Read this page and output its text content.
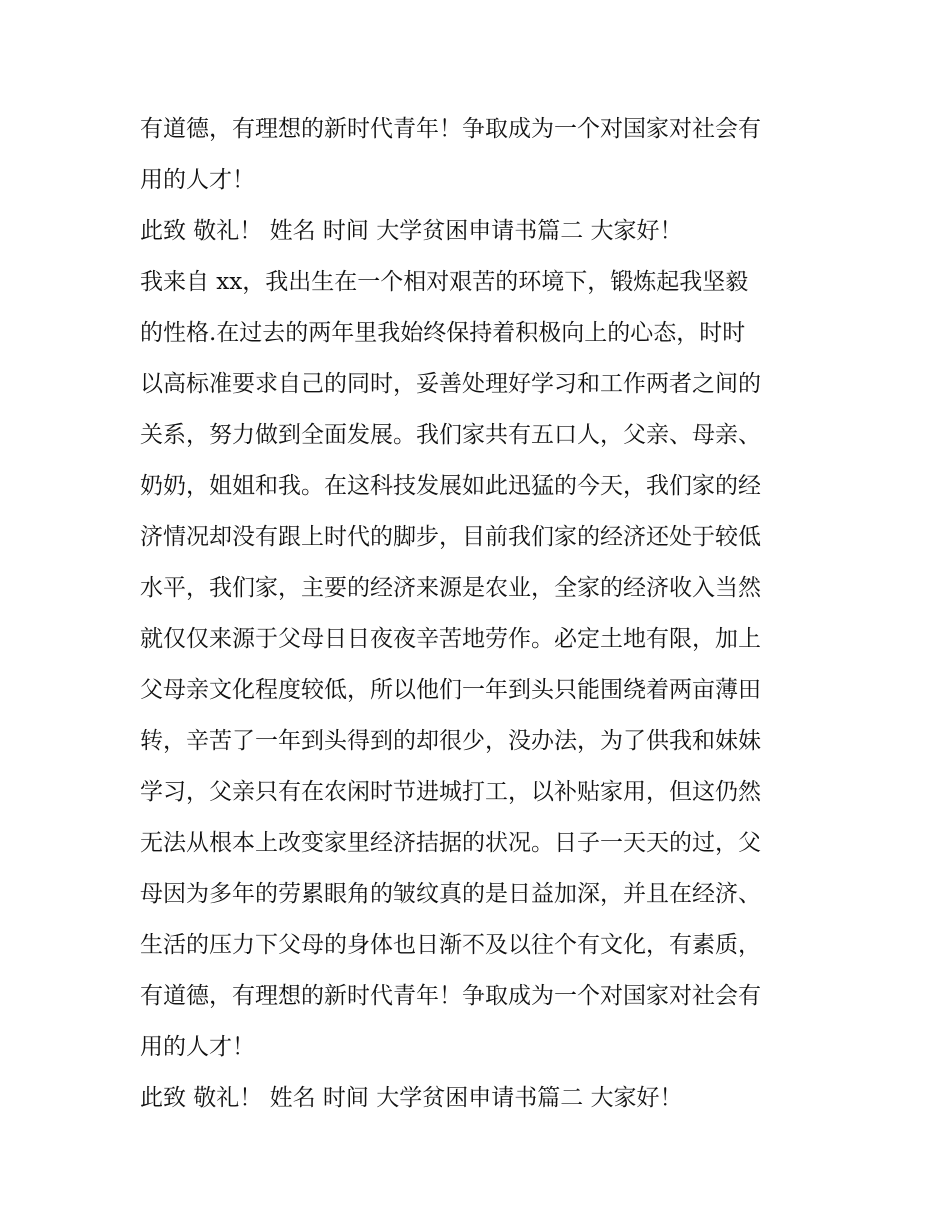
有道德，有理想的新时代青年！争取成为一个对国家对社会有
用的人才！
此致 敬礼！ 姓名 时间 大学贫困申请书篇二 大家好！
我来自 xx，我出生在一个相对艰苦的环境下，锻炼起我坚毅
的性格.在过去的两年里我始终保持着积极向上的心态，时时
以高标准要求自己的同时，妥善处理好学习和工作两者之间的
关系，努力做到全面发展。我们家共有五口人，父亲、母亲、
奶奶，姐姐和我。在这科技发展如此迅猛的今天，我们家的经
济情况却没有跟上时代的脚步，目前我们家的经济还处于较低
水平，我们家，主要的经济来源是农业，全家的经济收入当然
就仅仅来源于父母日日夜夜辛苦地劳作。必定土地有限，加上
父母亲文化程度较低，所以他们一年到头只能围绕着两亩薄田
转，辛苦了一年到头得到的却很少，没办法，为了供我和妹妹
学习，父亲只有在农闲时节进城打工，以补贴家用，但这仍然
无法从根本上改变家里经济拮据的状况。日子一天天的过，父
母因为多年的劳累眼角的皱纹真的是日益加深，并且在经济、
生活的压力下父母的身体也日渐不及以往个有文化，有素质，
有道德，有理想的新时代青年！争取成为一个对国家对社会有
用的人才！
此致 敬礼！ 姓名 时间 大学贫困申请书篇二 大家好！
